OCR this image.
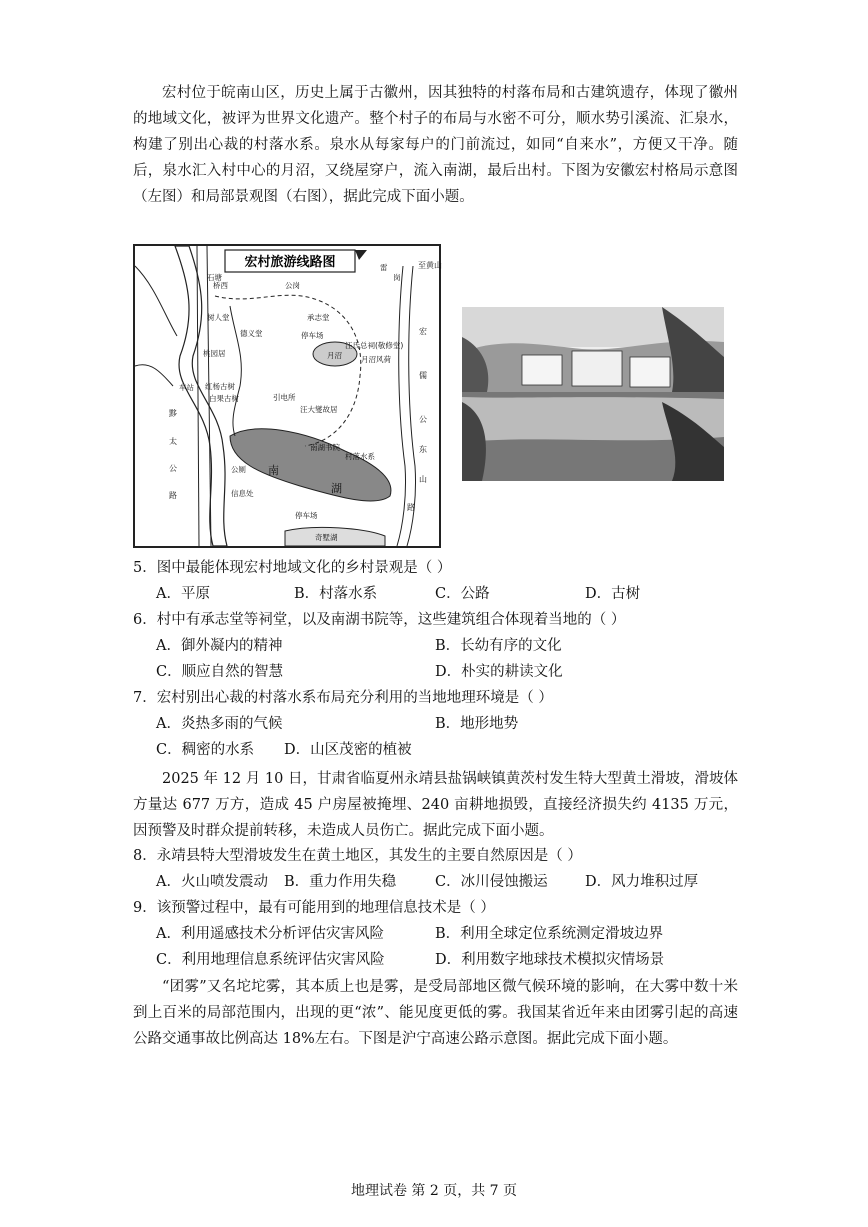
宏村位于皖南山区，历史上属于古徽州，因其独特的村落布局和古建筑遗存，体现了徽州的地域文化，被评为世界文化遗产。整个村子的布局与水密不可分，顺水势引溪流、汇泉水，构建了别出心裁的村落水系。泉水从每家每户的门前流过，如同“自来水”，方便又干净。随后，泉水汇入村中心的月沼，又绕屋穿户，流入南湖，最后出村。下图为安徽宏村格局示意图（左图）和局部景观图（右图），据此完成下面小题。
宏村旅游线路图
石塘
桥西	公岗
雷
岗
承志堂
停车场
汪氏总祠(敬修堂)
月沼	月沼风荷
德义堂
桃园居
红杨古树
白果古树	引电所
汪大燮故居
南湖书院
村落水系
车站
公厕
信息处
停车场
奇墅湖
树人堂
南
湖
至黄山
宏
儒
公
东
山
路
黟
太
公
路
5．图中最能体现宏村地域文化的乡村景观是（ ）
A．平原	B．村落水系	C．公路	D．古树
6．村中有承志堂等祠堂，以及南湖书院等，这些建筑组合体现着当地的（ ）
A．御外凝内的精神	B．长幼有序的文化
C．顺应自然的智慧	D．朴实的耕读文化
7．宏村别出心裁的村落水系布局充分利用的当地地理环境是（ ）
A．炎热多雨的气候	B．地形地势
C．稠密的水系 D．山区茂密的植被
2025 年 12 月 10 日，甘肃省临夏州永靖县盐锅峡镇黄茨村发生特大型黄土滑坡，滑坡体方量达 677 万方，造成 45 户房屋被掩埋、240 亩耕地损毁，直接经济损失约 4135 万元，因预警及时群众提前转移，未造成人员伤亡。据此完成下面小题。
8．永靖县特大型滑坡发生在黄土地区，其发生的主要自然原因是（ ）
A．火山喷发震动 B．重力作用失稳	C．冰川侵蚀搬运	D．风力堆积过厚
9．该预警过程中，最有可能用到的地理信息技术是（ ）
A．利用遥感技术分析评估灾害风险	B．利用全球定位系统测定滑坡边界
C．利用地理信息系统评估灾害风险	D．利用数字地球技术模拟灾情场景
“团雾”又名坨坨雾，其本质上也是雾，是受局部地区微气候环境的影响，在大雾中数十米到上百米的局部范围内，出现的更“浓”、能见度更低的雾。我国某省近年来由团雾引起的高速公路交通事故比例高达 18%左右。下图是沪宁高速公路示意图。据此完成下面小题。
地理试卷 第 2 页，共 7 页
